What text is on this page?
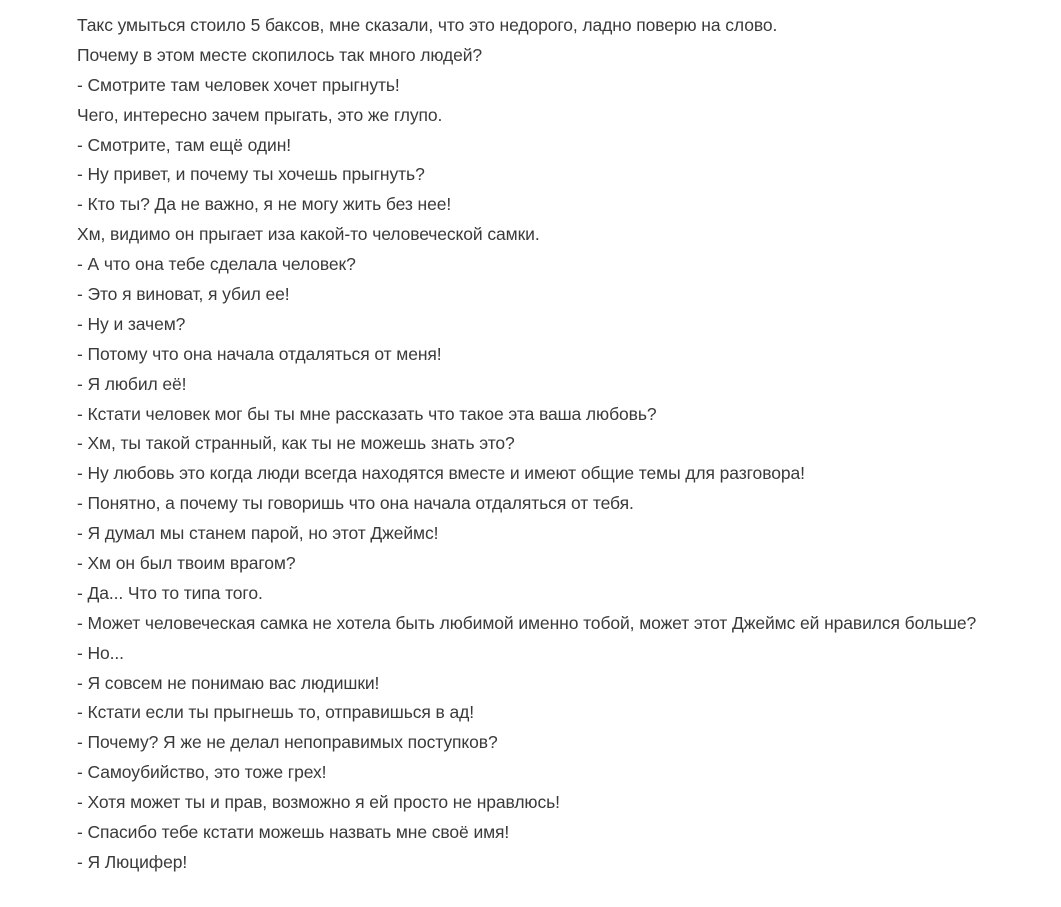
Такс умыться стоило 5 баксов, мне сказали, что это недорого, ладно поверю на слово.

Почему в этом месте скопилось так много людей?

- Смотрите там человек хочет прыгнуть!

Чего, интересно зачем прыгать, это же глупо.

- Смотрите, там ещё один!

- Ну привет, и почему ты хочешь прыгнуть?

- Кто ты? Да не важно, я не могу жить без нее!

Хм, видимо он прыгает иза какой-то человеческой самки.

- А что она тебе сделала человек?

- Это я виноват, я убил ее!

- Ну и зачем?

- Потому что она начала отдаляться от меня!

- Я любил её!

- Кстати человек мог бы ты мне рассказать что такое эта ваша любовь?

- Хм, ты такой странный, как ты не можешь знать это?

- Ну любовь это когда люди всегда находятся вместе и имеют общие темы для разговора!

- Понятно, а почему ты говоришь что она начала отдаляться от тебя.

- Я думал мы станем парой, но этот Джеймс!

- Хм он был твоим врагом?

- Да... Что то типа того.

- Может человеческая самка не хотела быть любимой именно тобой, может этот Джеймс ей нравился больше?

- Но...

- Я совсем не понимаю вас людишки!

- Кстати если ты прыгнешь то, отправишься в ад!

- Почему? Я же не делал непоправимых поступков?

- Самоубийство, это тоже грех!

- Хотя может ты и прав, возможно я ей просто не нравлюсь!

- Спасибо тебе кстати можешь назвать мне своё имя!

- Я Люцифер!
